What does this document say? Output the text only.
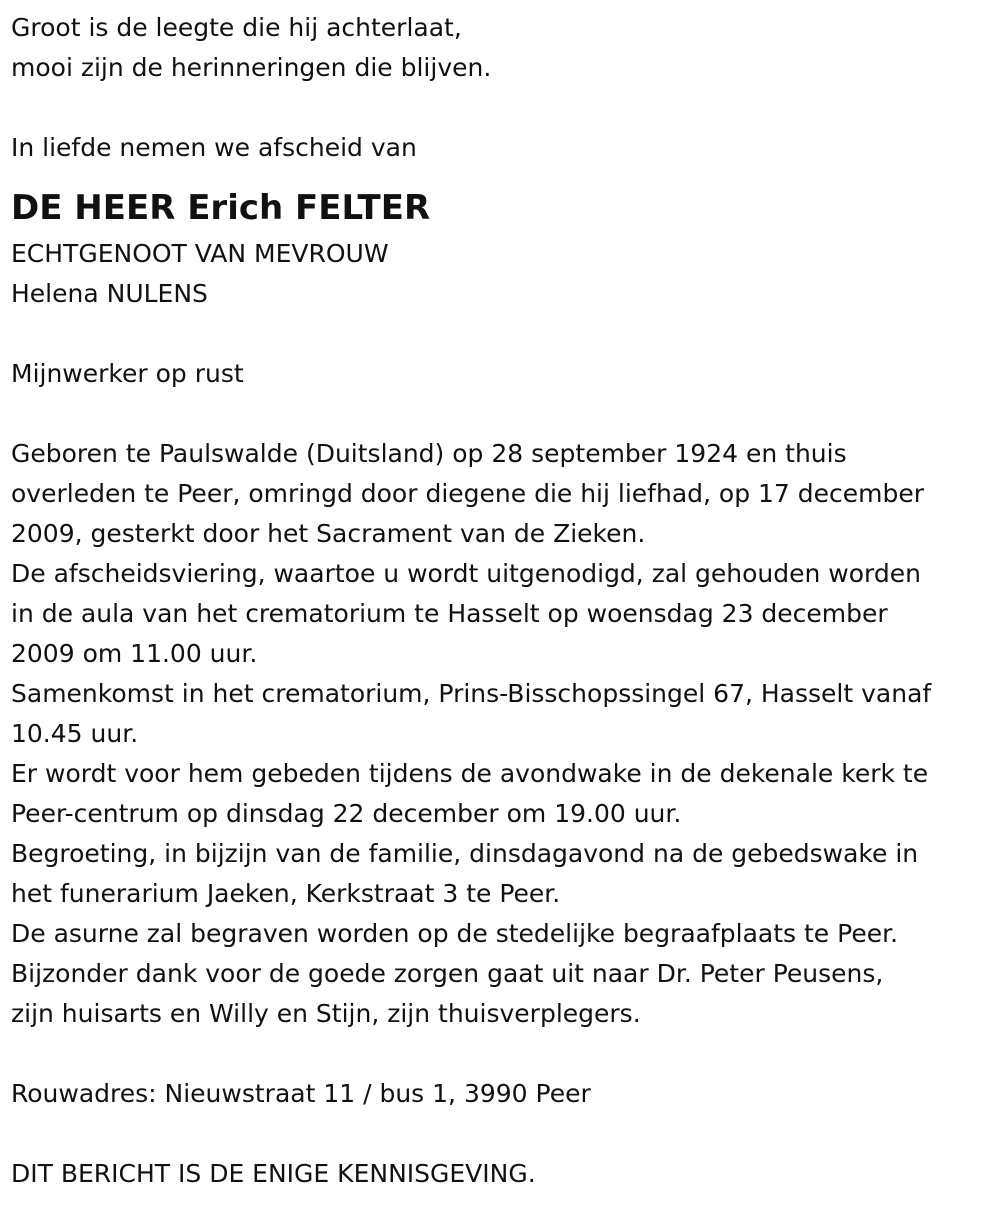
Groot is de leegte die hij achterlaat,
mooi zijn de herinneringen die blijven.
In liefde nemen we afscheid van
DE HEER Erich FELTER
ECHTGENOOT VAN MEVROUW
Helena NULENS
Mijnwerker op rust
Geboren te Paulswalde (Duitsland) op 28 september 1924 en thuis
overleden te Peer, omringd door diegene die hij liefhad, op 17 december
2009, gesterkt door het Sacrament van de Zieken.
De afscheidsviering, waartoe u wordt uitgenodigd, zal gehouden worden
in de aula van het crematorium te Hasselt op woensdag 23 december
2009 om 11.00 uur.
Samenkomst in het crematorium, Prins-Bisschopssingel 67, Hasselt vanaf
10.45 uur.
Er wordt voor hem gebeden tijdens de avondwake in de dekenale kerk te
Peer-centrum op dinsdag 22 december om 19.00 uur.
Begroeting, in bijzijn van de familie, dinsdagavond na de gebedswake in
het funerarium Jaeken, Kerkstraat 3 te Peer.
De asurne zal begraven worden op de stedelijke begraafplaats te Peer.
Bijzonder dank voor de goede zorgen gaat uit naar Dr. Peter Peusens,
zijn huisarts en Willy en Stijn, zijn thuisverplegers.
Rouwadres: Nieuwstraat 11 / bus 1, 3990 Peer
DIT BERICHT IS DE ENIGE KENNISGEVING.
